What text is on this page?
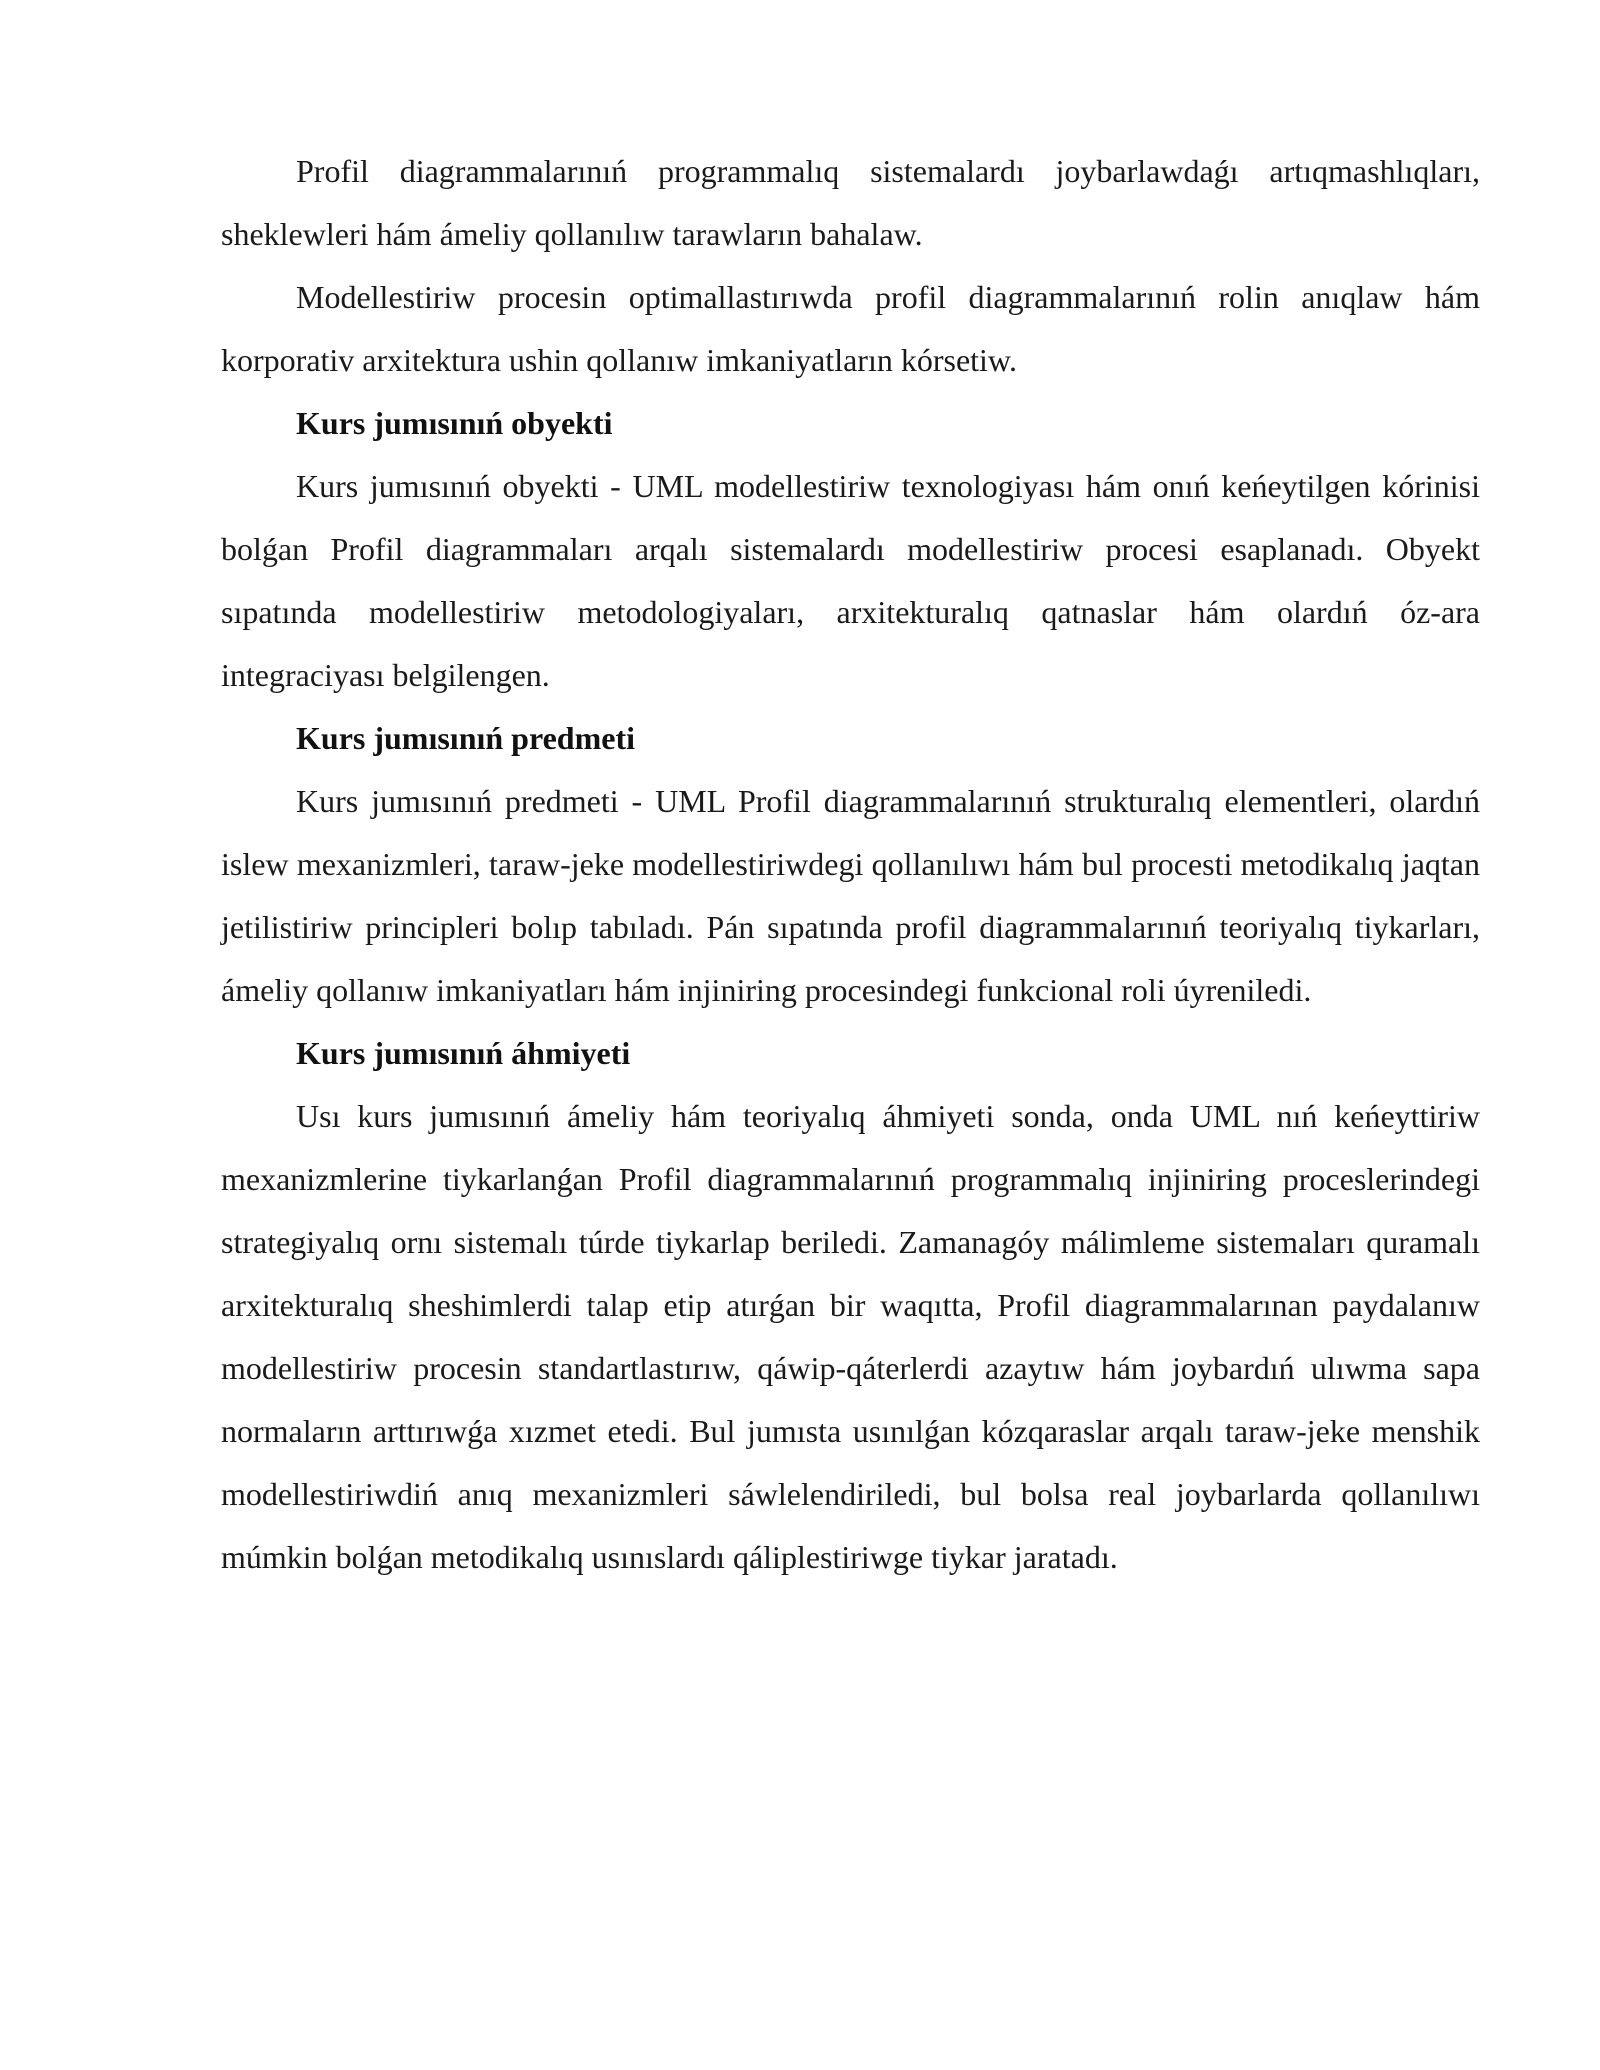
Profil diagrammalarınıń programmalıq sistemalardı joybarlawdaǵı artıqmashlıqları, sheklewleri hám ámeliy qollanılıw tarawların bahalaw.

Modellestiriw procesin optimallastırıwda profil diagrammalarınıń rolin anıqlaw hám korporativ arxitektura ushin qollanıw imkaniyatların kórsetiw.

Kurs jumısınıń obyekti

Kurs jumısınıń obyekti - UML modellestiriw texnologiyası hám onıń keńeytilgen kórinisi bolǵan Profil diagrammaları arqalı sistemalardı modellestiriw procesi esaplanadı. Obyekt sıpatında modellestiriw metodologiyaları, arxitekturalıq qatnaslar hám olardıń óz-ara integraciyası belgilengen.

Kurs jumısınıń predmeti

Kurs jumısınıń predmeti - UML Profil diagrammalarınıń strukturalıq elementleri, olardıń islew mexanizmleri, taraw-jeke modellestiriwdegi qollanılıwı hám bul procesti metodikalıq jaqtan jetilistiriw principleri bolıp tabıladı. Pán sıpatında profil diagrammalarınıń teoriyalıq tiykarları, ámeliy qollanıw imkaniyatları hám injiniring procesindegi funkcional roli úyreniledi.

Kurs jumısınıń áhmiyeti

Usı kurs jumısınıń ámeliy hám teoriyalıq áhmiyeti sonda, onda UML nıń keńeyttiriw mexanizmlerine tiykarlanǵan Profil diagrammalarınıń programmalıq injiniring proceslerindegi strategiyalıq ornı sistemalı túrde tiykarlap beriledi. Zamanagóy málimleme sistemaları quramalı arxitekturalıq sheshimlerdi talap etip atırǵan bir waqıtta, Profil diagrammalarınan paydalanıw modellestiriw procesin standartlastırıw, qáwip-qáterlerdi azaytıw hám joybardıń ulıwma sapa normaların arttırıwǵa xızmet etedi. Bul jumısta usınılǵan kózqaraslar arqalı taraw-jeke menshik modellestiriwdiń anıq mexanizmleri sáwlelendiriledi, bul bolsa real joybarlarda qollanılıwı múmkin bolǵan metodikalıq usınıslardı qáliplestiriwge tiykar jaratadı.
